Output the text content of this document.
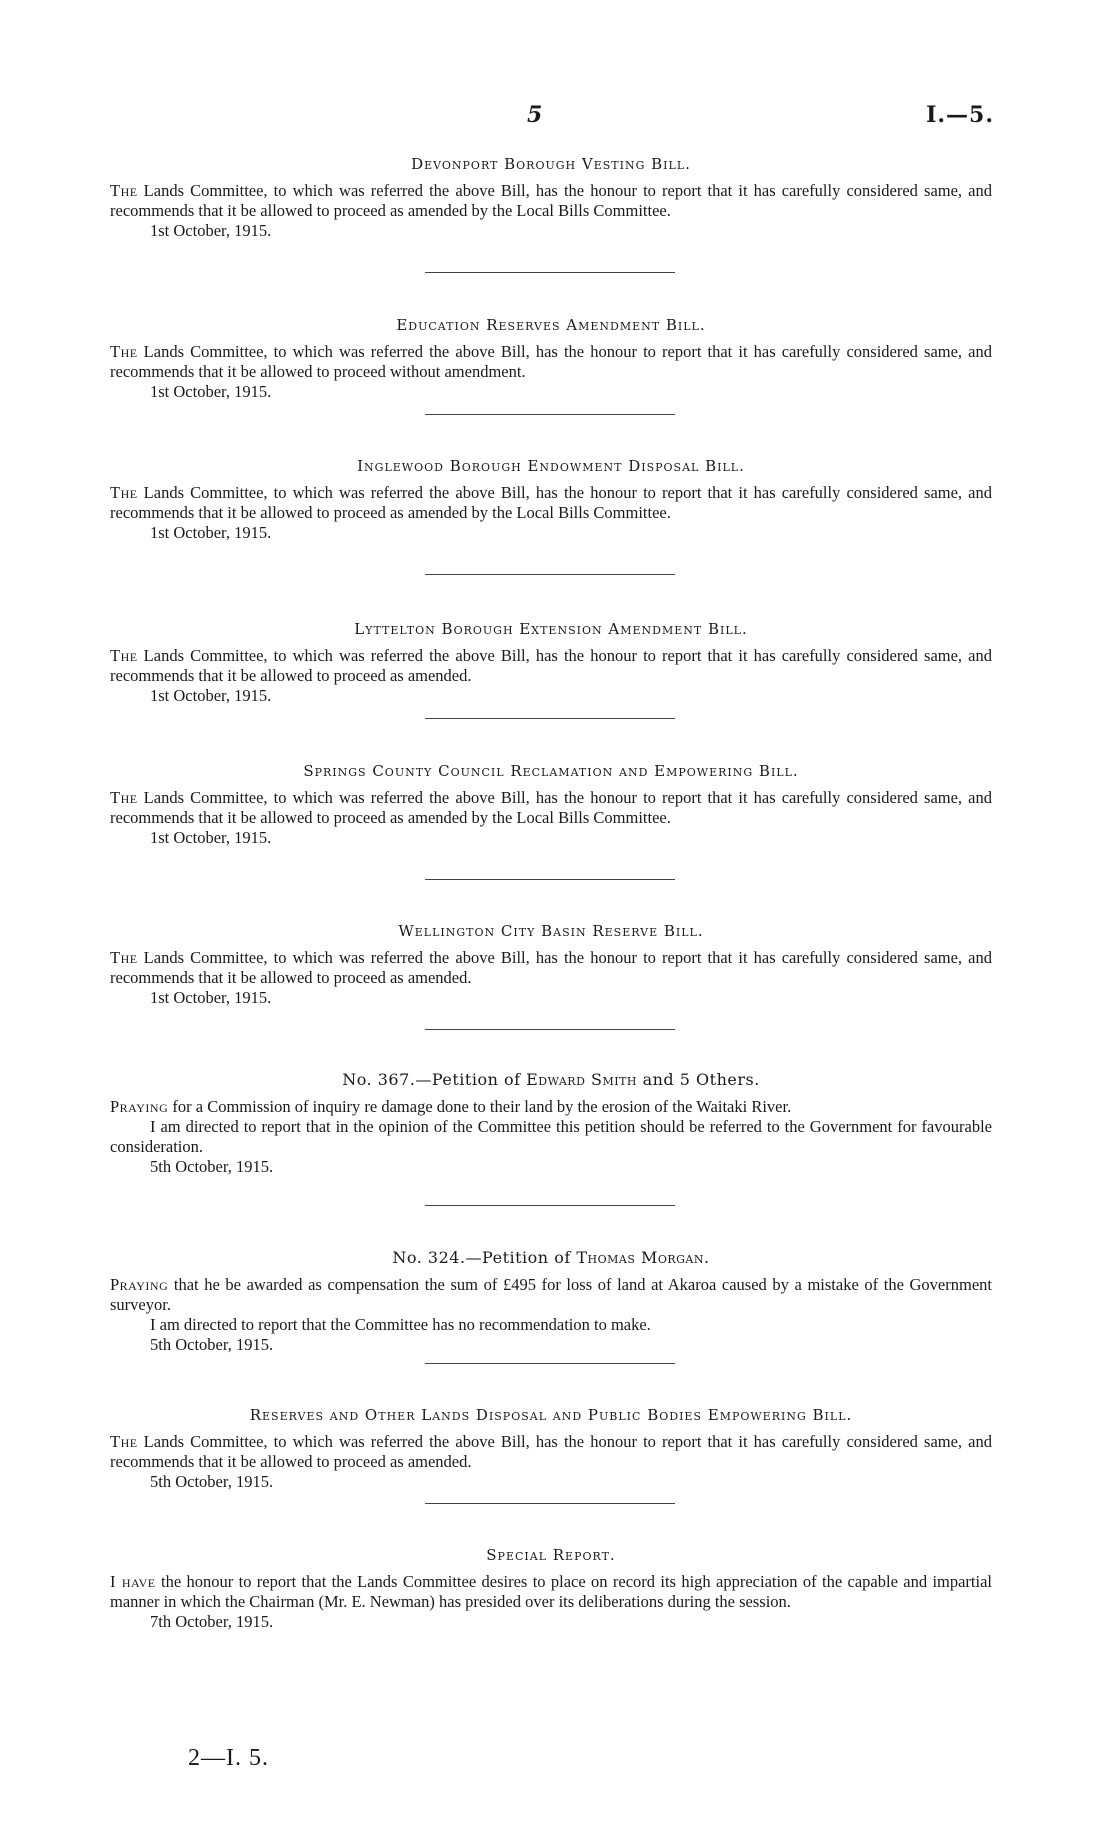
5	I.—5.
Devonport Borough Vesting Bill.

The Lands Committee, to which was referred the above Bill, has the honour to report that it has carefully considered same, and recommends that it be allowed to proceed as amended by the Local Bills Committee.

1st October, 1915.
Education Reserves Amendment Bill.

The Lands Committee, to which was referred the above Bill, has the honour to report that it has carefully considered same, and recommends that it be allowed to proceed without amendment.

1st October, 1915.
Inglewood Borough Endowment Disposal Bill.

The Lands Committee, to which was referred the above Bill, has the honour to report that it has carefully considered same, and recommends that it be allowed to proceed as amended by the Local Bills Committee.

1st October, 1915.
Lyttelton Borough Extension Amendment Bill.

The Lands Committee, to which was referred the above Bill, has the honour to report that it has carefully considered same, and recommends that it be allowed to proceed as amended.

1st October, 1915.
Springs County Council Reclamation and Empowering Bill.

The Lands Committee, to which was referred the above Bill, has the honour to report that it has carefully considered same, and recommends that it be allowed to proceed as amended by the Local Bills Committee.

1st October, 1915.
Wellington City Basin Reserve Bill.

The Lands Committee, to which was referred the above Bill, has the honour to report that it has carefully considered same, and recommends that it be allowed to proceed as amended.

1st October, 1915.
No. 367.—Petition of Edward Smith and 5 Others.

Praying for a Commission of inquiry re damage done to their land by the erosion of the Waitaki River.

I am directed to report that in the opinion of the Committee this petition should be referred to the Government for favourable consideration.

5th October, 1915.
No. 324.—Petition of Thomas Morgan.

Praying that he be awarded as compensation the sum of £495 for loss of land at Akaroa caused by a mistake of the Government surveyor.

I am directed to report that the Committee has no recommendation to make.

5th October, 1915.
Reserves and Other Lands Disposal and Public Bodies Empowering Bill.

The Lands Committee, to which was referred the above Bill, has the honour to report that it has carefully considered same, and recommends that it be allowed to proceed as amended.

5th October, 1915.
Special Report.

I have the honour to report that the Lands Committee desires to place on record its high appreciation of the capable and impartial manner in which the Chairman (Mr. E. Newman) has presided over its deliberations during the session.

7th October, 1915.
2—I. 5.
